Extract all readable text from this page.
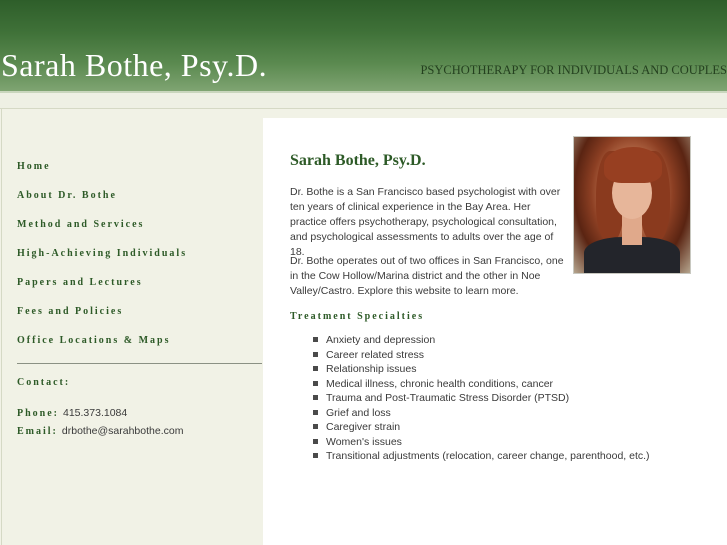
Sarah Bothe, Psy.D.	PSYCHOTHERAPY FOR INDIVIDUALS AND COUPLES
Home
About Dr. Bothe
Method and Services
High-Achieving Individuals
Papers and Lectures
Fees and Policies
Office Locations & Maps
Contact:
Phone: 415.373.1084
Email: drbothe@sarahbothe.com
Sarah Bothe, Psy.D.

Dr. Bothe is a San Francisco based psychologist with over ten years of clinical experience in the Bay Area. Her practice offers psychotherapy, psychological consultation, and psychological assessments to adults over the age of 18.

Dr. Bothe operates out of two offices in San Francisco, one in the Cow Hollow/Marina district and the other in Noe Valley/Castro. Explore this website to learn more.

Treatment Specialties
Anxiety and depression
Career related stress
Relationship issues
Medical illness, chronic health conditions, cancer
Trauma and Post-Traumatic Stress Disorder (PTSD)
Grief and loss
Caregiver strain
Women's issues
Transitional adjustments (relocation, career change, parenthood, etc.)
